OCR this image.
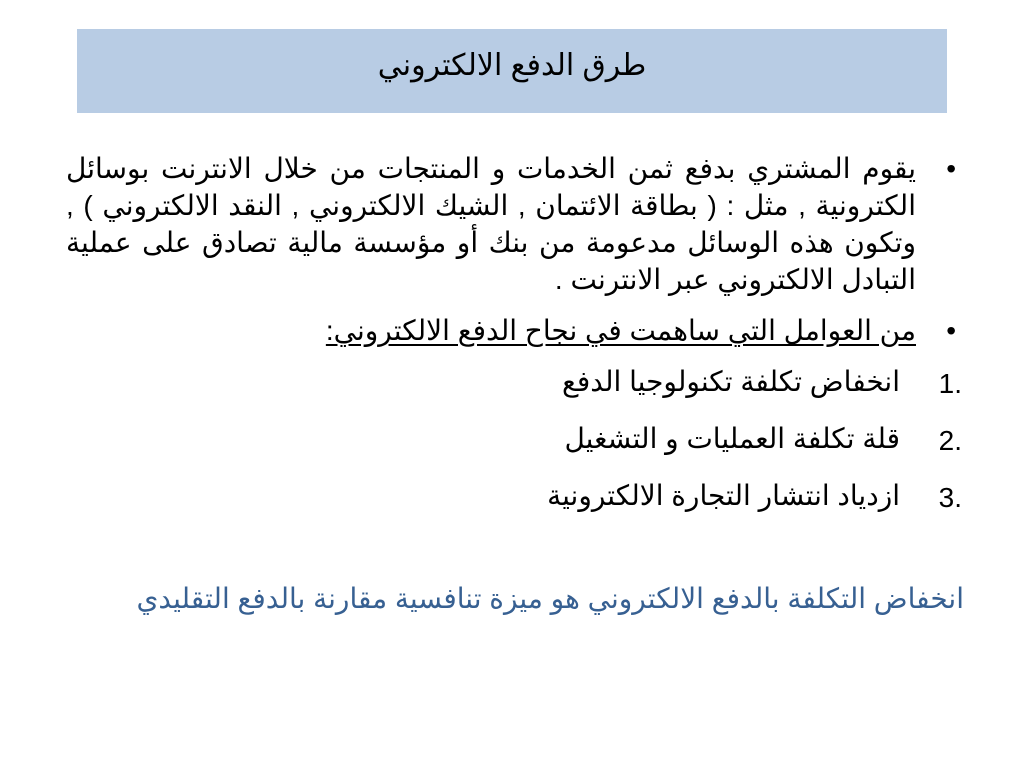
طرق الدفع الالكتروني
•
يقوم المشتري بدفع ثمن الخدمات و المنتجات من خلال الانترنت بوسائل الكترونية , مثل : ( بطاقة الائتمان , الشيك الالكتروني , النقد الالكتروني ) , وتكون هذه الوسائل مدعومة من بنك أو مؤسسة مالية تصادق على عملية التبادل الالكتروني عبر الانترنت .
•
من العوامل التي ساهمت في نجاح الدفع الالكتروني:
1.
انخفاض تكلفة تكنولوجيا الدفع
2.
قلة تكلفة العمليات و التشغيل
3.
ازدياد انتشار التجارة الالكترونية
انخفاض التكلفة بالدفع الالكتروني هو ميزة تنافسية مقارنة بالدفع التقليدي
